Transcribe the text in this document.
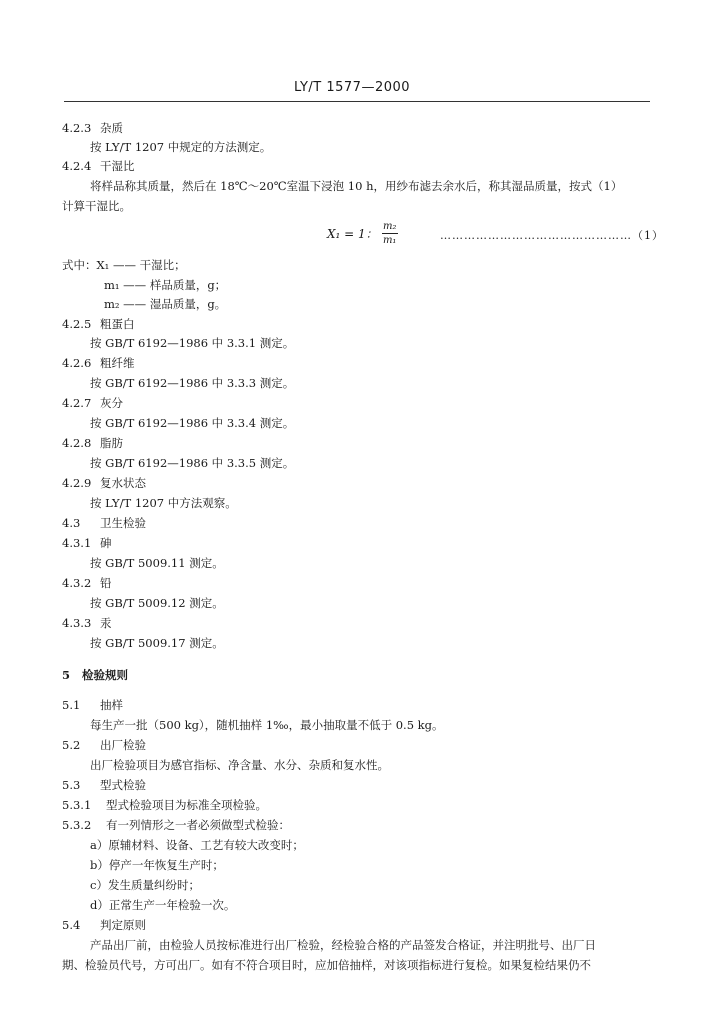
LY/T 1577—2000
4.2.3 杂质
按 LY/T 1207 中规定的方法测定。
4.2.4 干湿比
将样品称其质量，然后在 18℃～20℃室温下浸泡 10 h，用纱布滤去余水后，称其湿品质量，按式（1）
计算干湿比。
X₁ = 1： $\frac{\text{m₂}}{\text{m₁}}$	…………………………………………（1）
式中：X₁ —— 干湿比；
m₁ —— 样品质量，g；
m₂ —— 湿品质量，g。
4.2.5 粗蛋白
按 GB/T 6192—1986 中 3.3.1 测定。
4.2.6 粗纤维
按 GB/T 6192—1986 中 3.3.3 测定。
4.2.7 灰分
按 GB/T 6192—1986 中 3.3.4 测定。
4.2.8 脂肪
按 GB/T 6192—1986 中 3.3.5 测定。
4.2.9 复水状态
按 LY/T 1207 中方法观察。
4.3 卫生检验
4.3.1 砷
按 GB/T 5009.11 测定。
4.3.2 铅
按 GB/T 5009.12 测定。
4.3.3 汞
按 GB/T 5009.17 测定。
5 检验规则
5.1 抽样
每生产一批（500 kg），随机抽样 1‰，最小抽取量不低于 0.5 kg。
5.2 出厂检验
出厂检验项目为感官指标、净含量、水分、杂质和复水性。
5.3 型式检验
5.3.1 型式检验项目为标准全项检验。
5.3.2 有一列情形之一者必须做型式检验：
a）原辅材料、设备、工艺有较大改变时；
b）停产一年恢复生产时；
c）发生质量纠纷时；
d）正常生产一年检验一次。
5.4 判定原则
产品出厂前，由检验人员按标准进行出厂检验，经检验合格的产品签发合格证，并注明批号、出厂日
期、检验员代号，方可出厂。如有不符合项目时，应加倍抽样，对该项指标进行复检。如果复检结果仍不
